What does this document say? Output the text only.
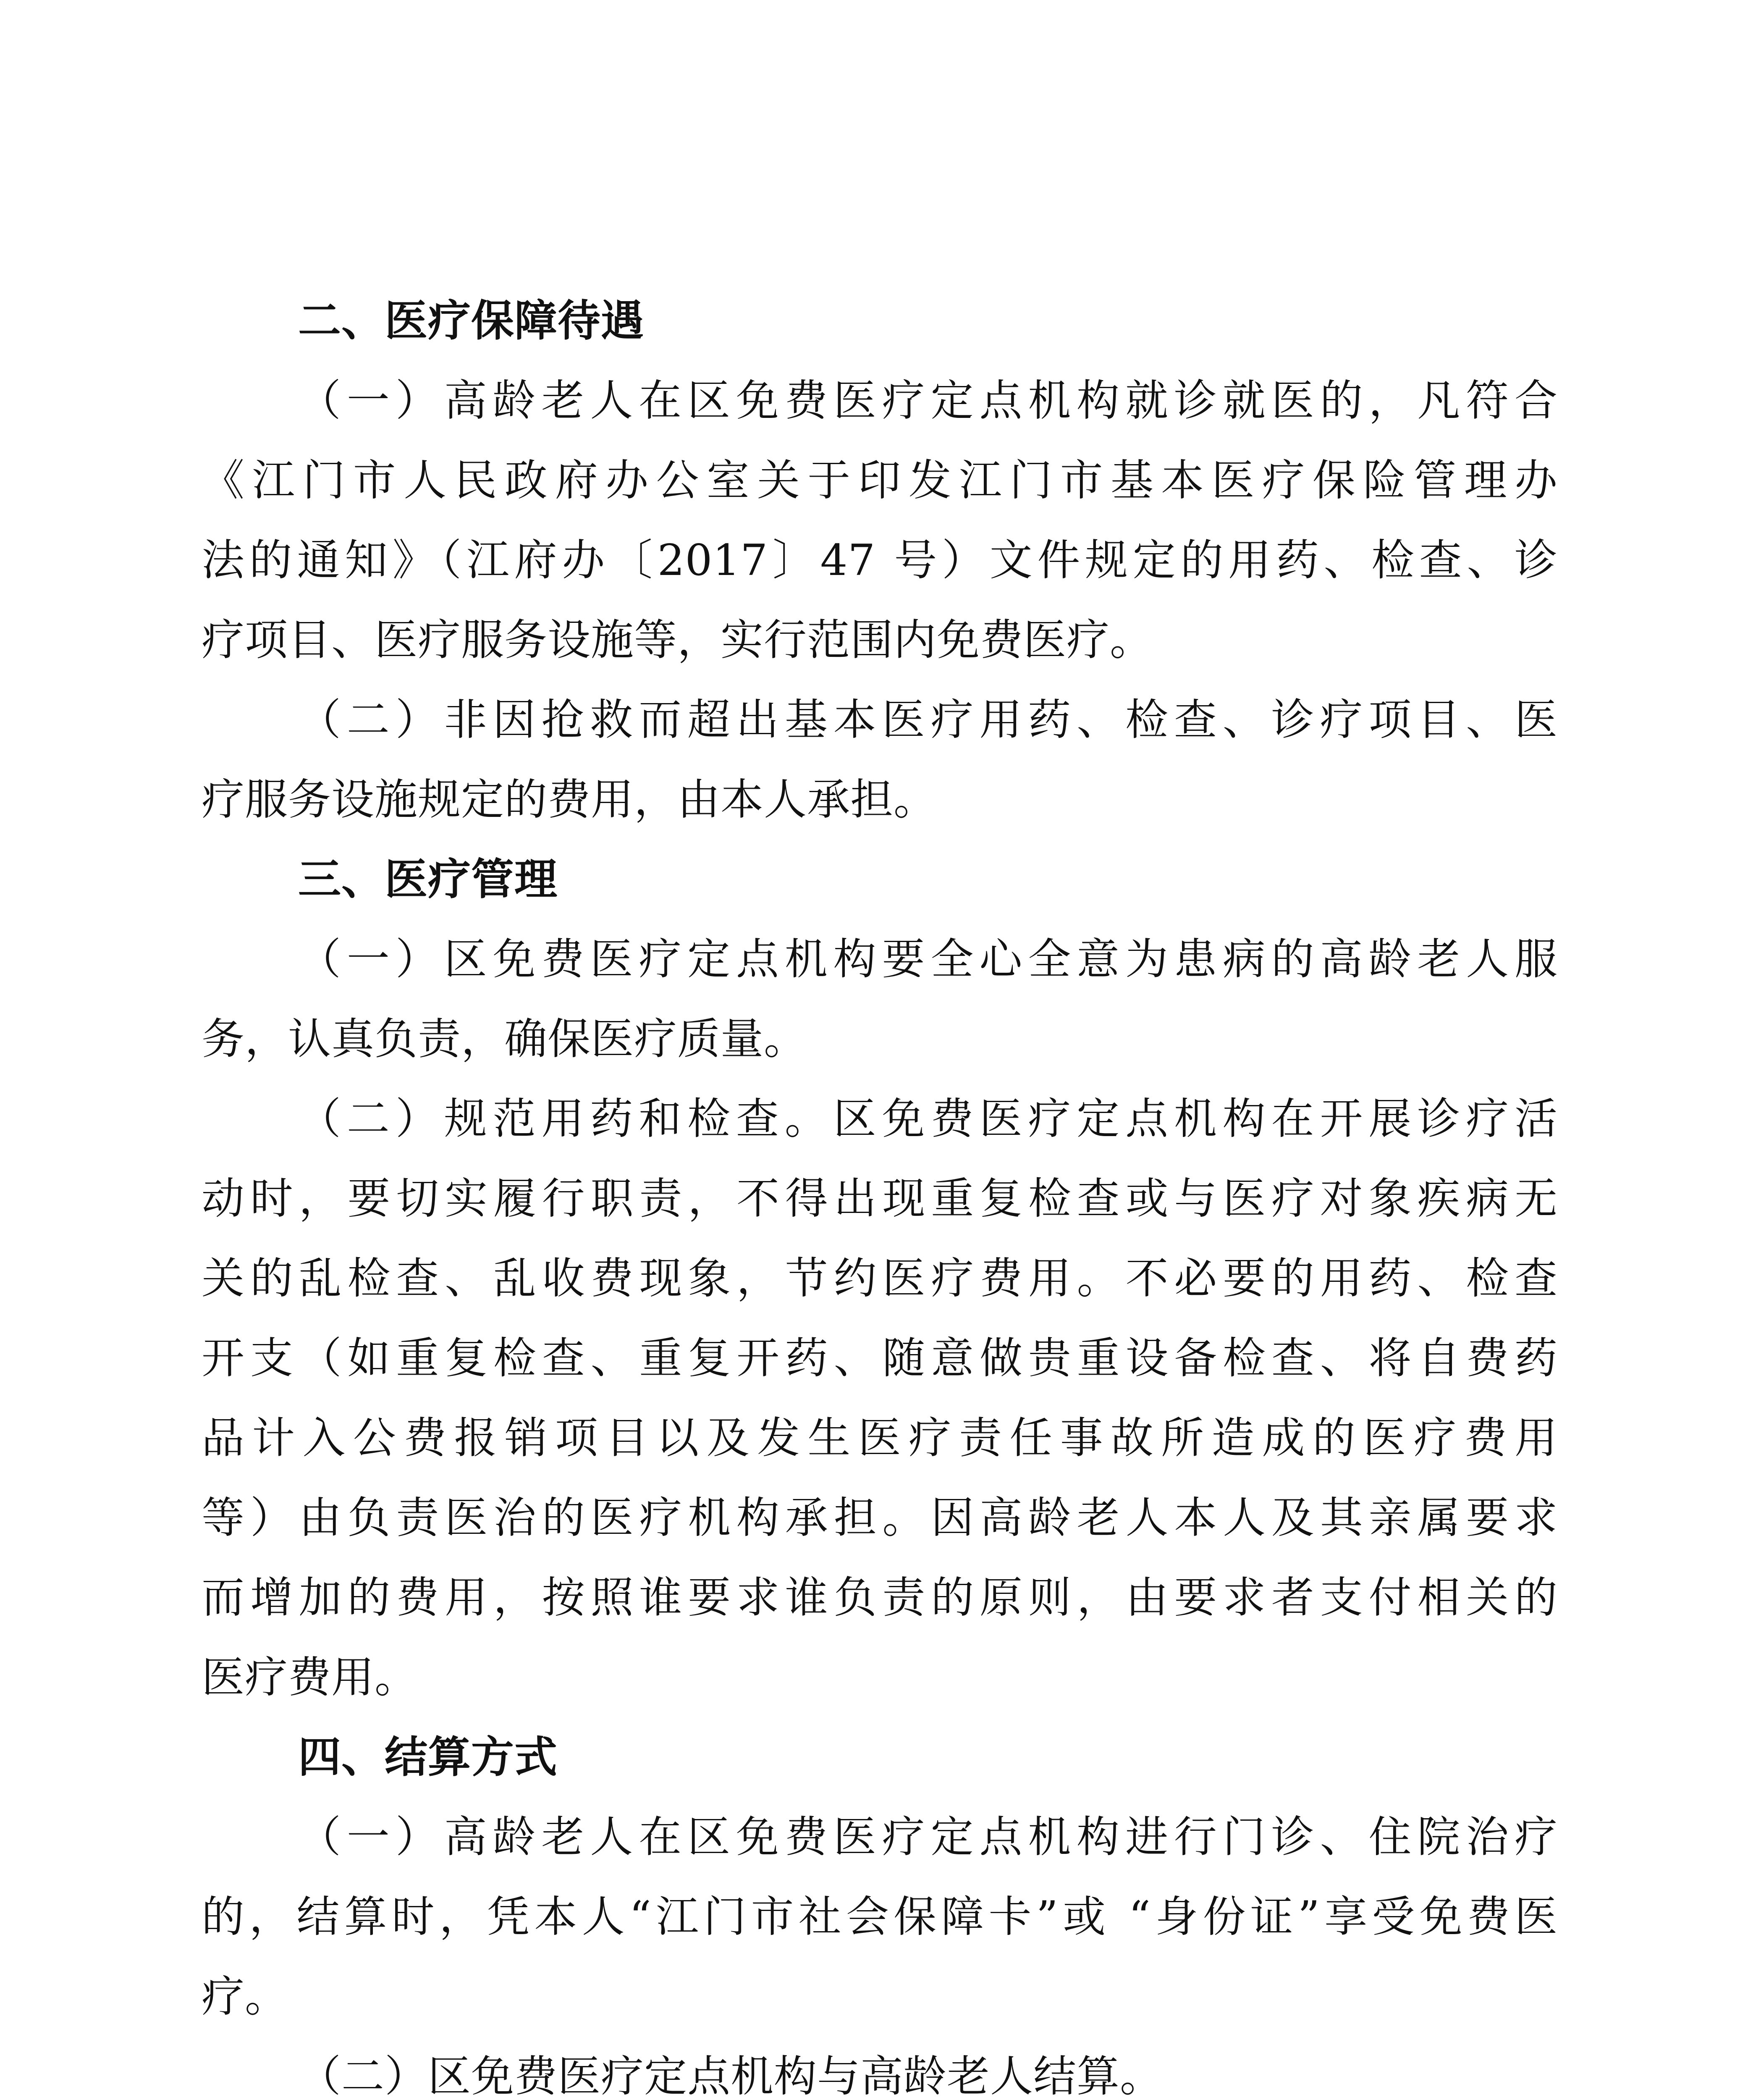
二、医疗保障待遇
（一）高龄老人在区免费医疗定点机构就诊就医的，凡符合
《江门市人民政府办公室关于印发江门市基本医疗保险管理办
法的通知》（江府办〔2017〕47 号）文件规定的用药、检查、诊
疗项目、医疗服务设施等，实行范围内免费医疗。
（二）非因抢救而超出基本医疗用药、检查、诊疗项目、医
疗服务设施规定的费用，由本人承担。
三、医疗管理
（一）区免费医疗定点机构要全心全意为患病的高龄老人服
务，认真负责，确保医疗质量。
（二）规范用药和检查。区免费医疗定点机构在开展诊疗活
动时，要切实履行职责，不得出现重复检查或与医疗对象疾病无
关的乱检查、乱收费现象，节约医疗费用。不必要的用药、检查
开支（如重复检查、重复开药、随意做贵重设备检查、将自费药
品计入公费报销项目以及发生医疗责任事故所造成的医疗费用
等）由负责医治的医疗机构承担。因高龄老人本人及其亲属要求
而增加的费用，按照谁要求谁负责的原则，由要求者支付相关的
医疗费用。
四、结算方式
（一）高龄老人在区免费医疗定点机构进行门诊、住院治疗
的，结算时，凭本人“江门市社会保障卡”或 “身份证”享受免费医
疗。
（二）区免费医疗定点机构与高龄老人结算。
